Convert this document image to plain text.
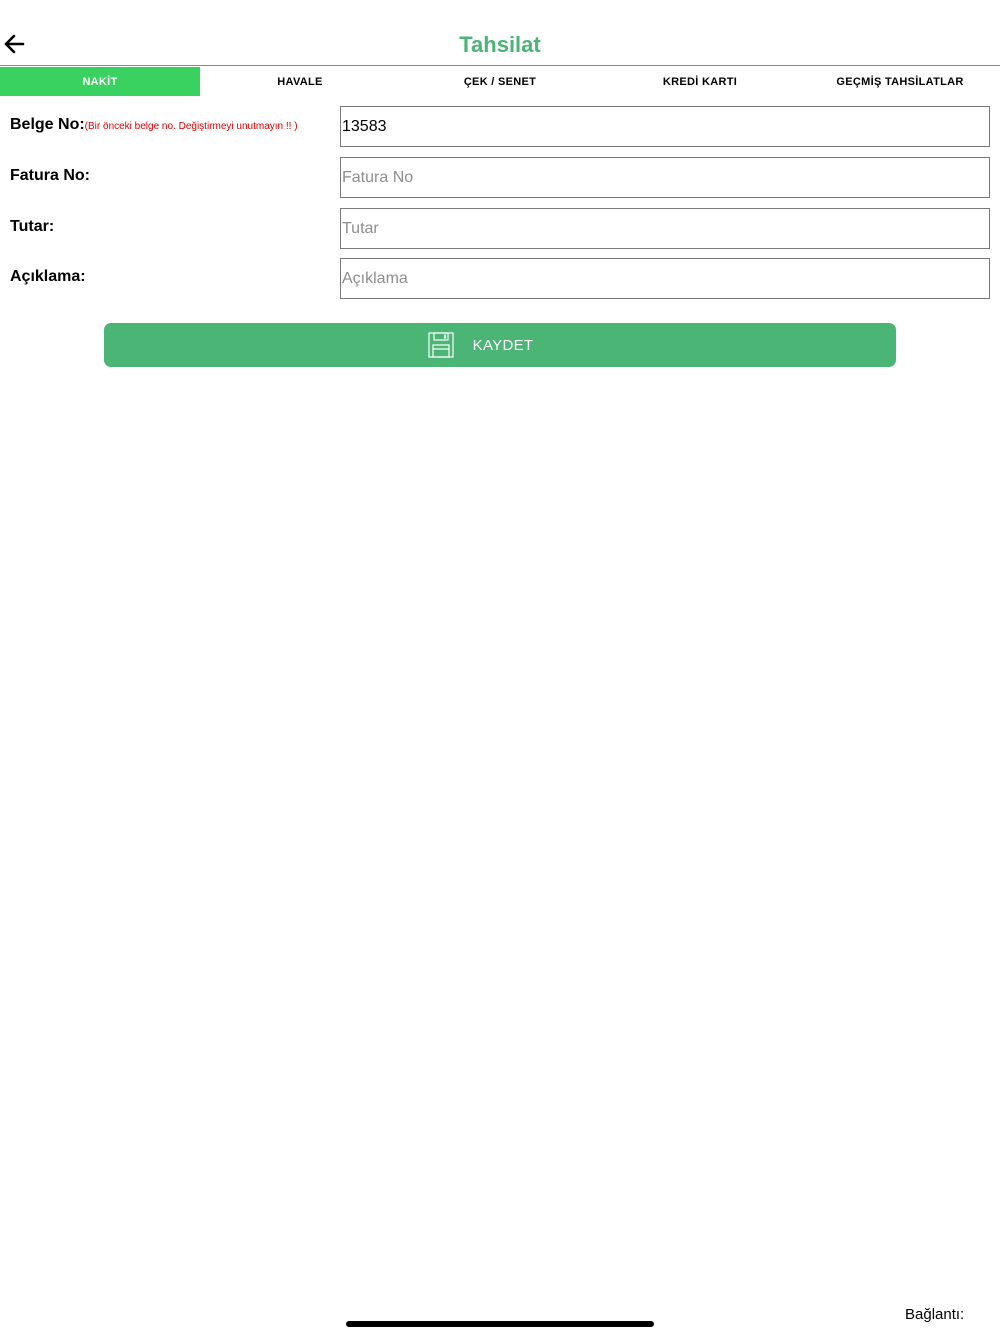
Tahsilat
NAKİT	HAVALE	ÇEK / SENET	KREDİ KARTI	GEÇMİŞ TAHSİLATLAR
Belge No:(Bir önceki belge no. Değiştirmeyi unutmayın !! )
13583
Fatura No:
Fatura No
Tutar:
Tutar
Açıklama:
Açıklama
KAYDET
Bağlantı:
